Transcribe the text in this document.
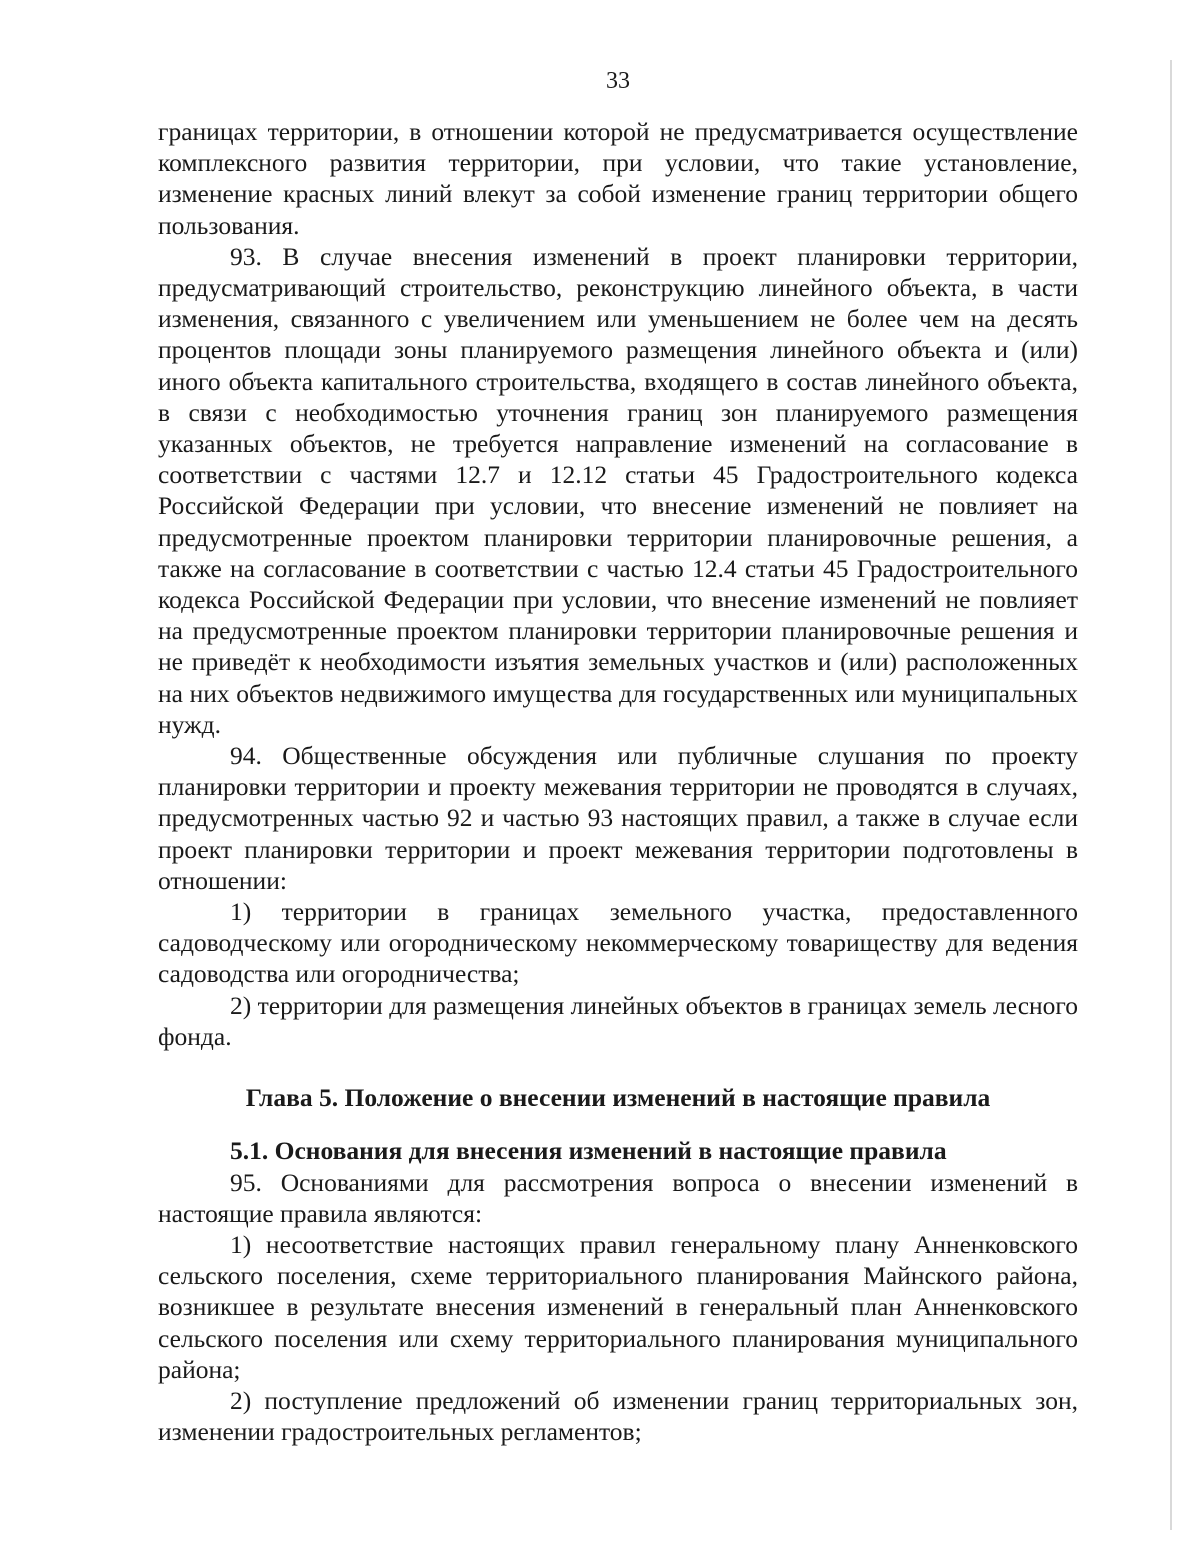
33

границах территории, в отношении которой не предусматривается осуществление комплексного развития территории, при условии, что такие установление, изменение красных линий влекут за собой изменение границ территории общего пользования.

93. В случае внесения изменений в проект планировки территории, предусматривающий строительство, реконструкцию линейного объекта, в части изменения, связанного с увеличением или уменьшением не более чем на десять процентов площади зоны планируемого размещения линейного объекта и (или) иного объекта капитального строительства, входящего в состав линейного объекта, в связи с необходимостью уточнения границ зон планируемого размещения указанных объектов, не требуется направление изменений на согласование в соответствии с частями 12.7 и 12.12 статьи 45 Градостроительного кодекса Российской Федерации при условии, что внесение изменений не повлияет на предусмотренные проектом планировки территории планировочные решения, а также на согласование в соответствии с частью 12.4 статьи 45 Градостроительного кодекса Российской Федерации при условии, что внесение изменений не повлияет на предусмотренные проектом планировки территории планировочные решения и не приведёт к необходимости изъятия земельных участков и (или) расположенных на них объектов недвижимого имущества для государственных или муниципальных нужд.

94. Общественные обсуждения или публичные слушания по проекту планировки территории и проекту межевания территории не проводятся в случаях, предусмотренных частью 92 и частью 93 настоящих правил, а также в случае если проект планировки территории и проект межевания территории подготовлены в отношении:

1) территории в границах земельного участка, предоставленного садоводческому или огородническому некоммерческому товариществу для ведения садоводства или огородничества;

2) территории для размещения линейных объектов в границах земель лесного фонда.

Глава 5. Положение о внесении изменений в настоящие правила
5.1. Основания для внесения изменений в настоящие правила

95. Основаниями для рассмотрения вопроса о внесении изменений в настоящие правила являются:

1) несоответствие настоящих правил генеральному плану Анненковского сельского поселения, схеме территориального планирования Майнского района, возникшее в результате внесения изменений в генеральный план Анненковского сельского поселения или схему территориального планирования муниципального района;

2) поступление предложений об изменении границ территориальных зон, изменении градостроительных регламентов;
